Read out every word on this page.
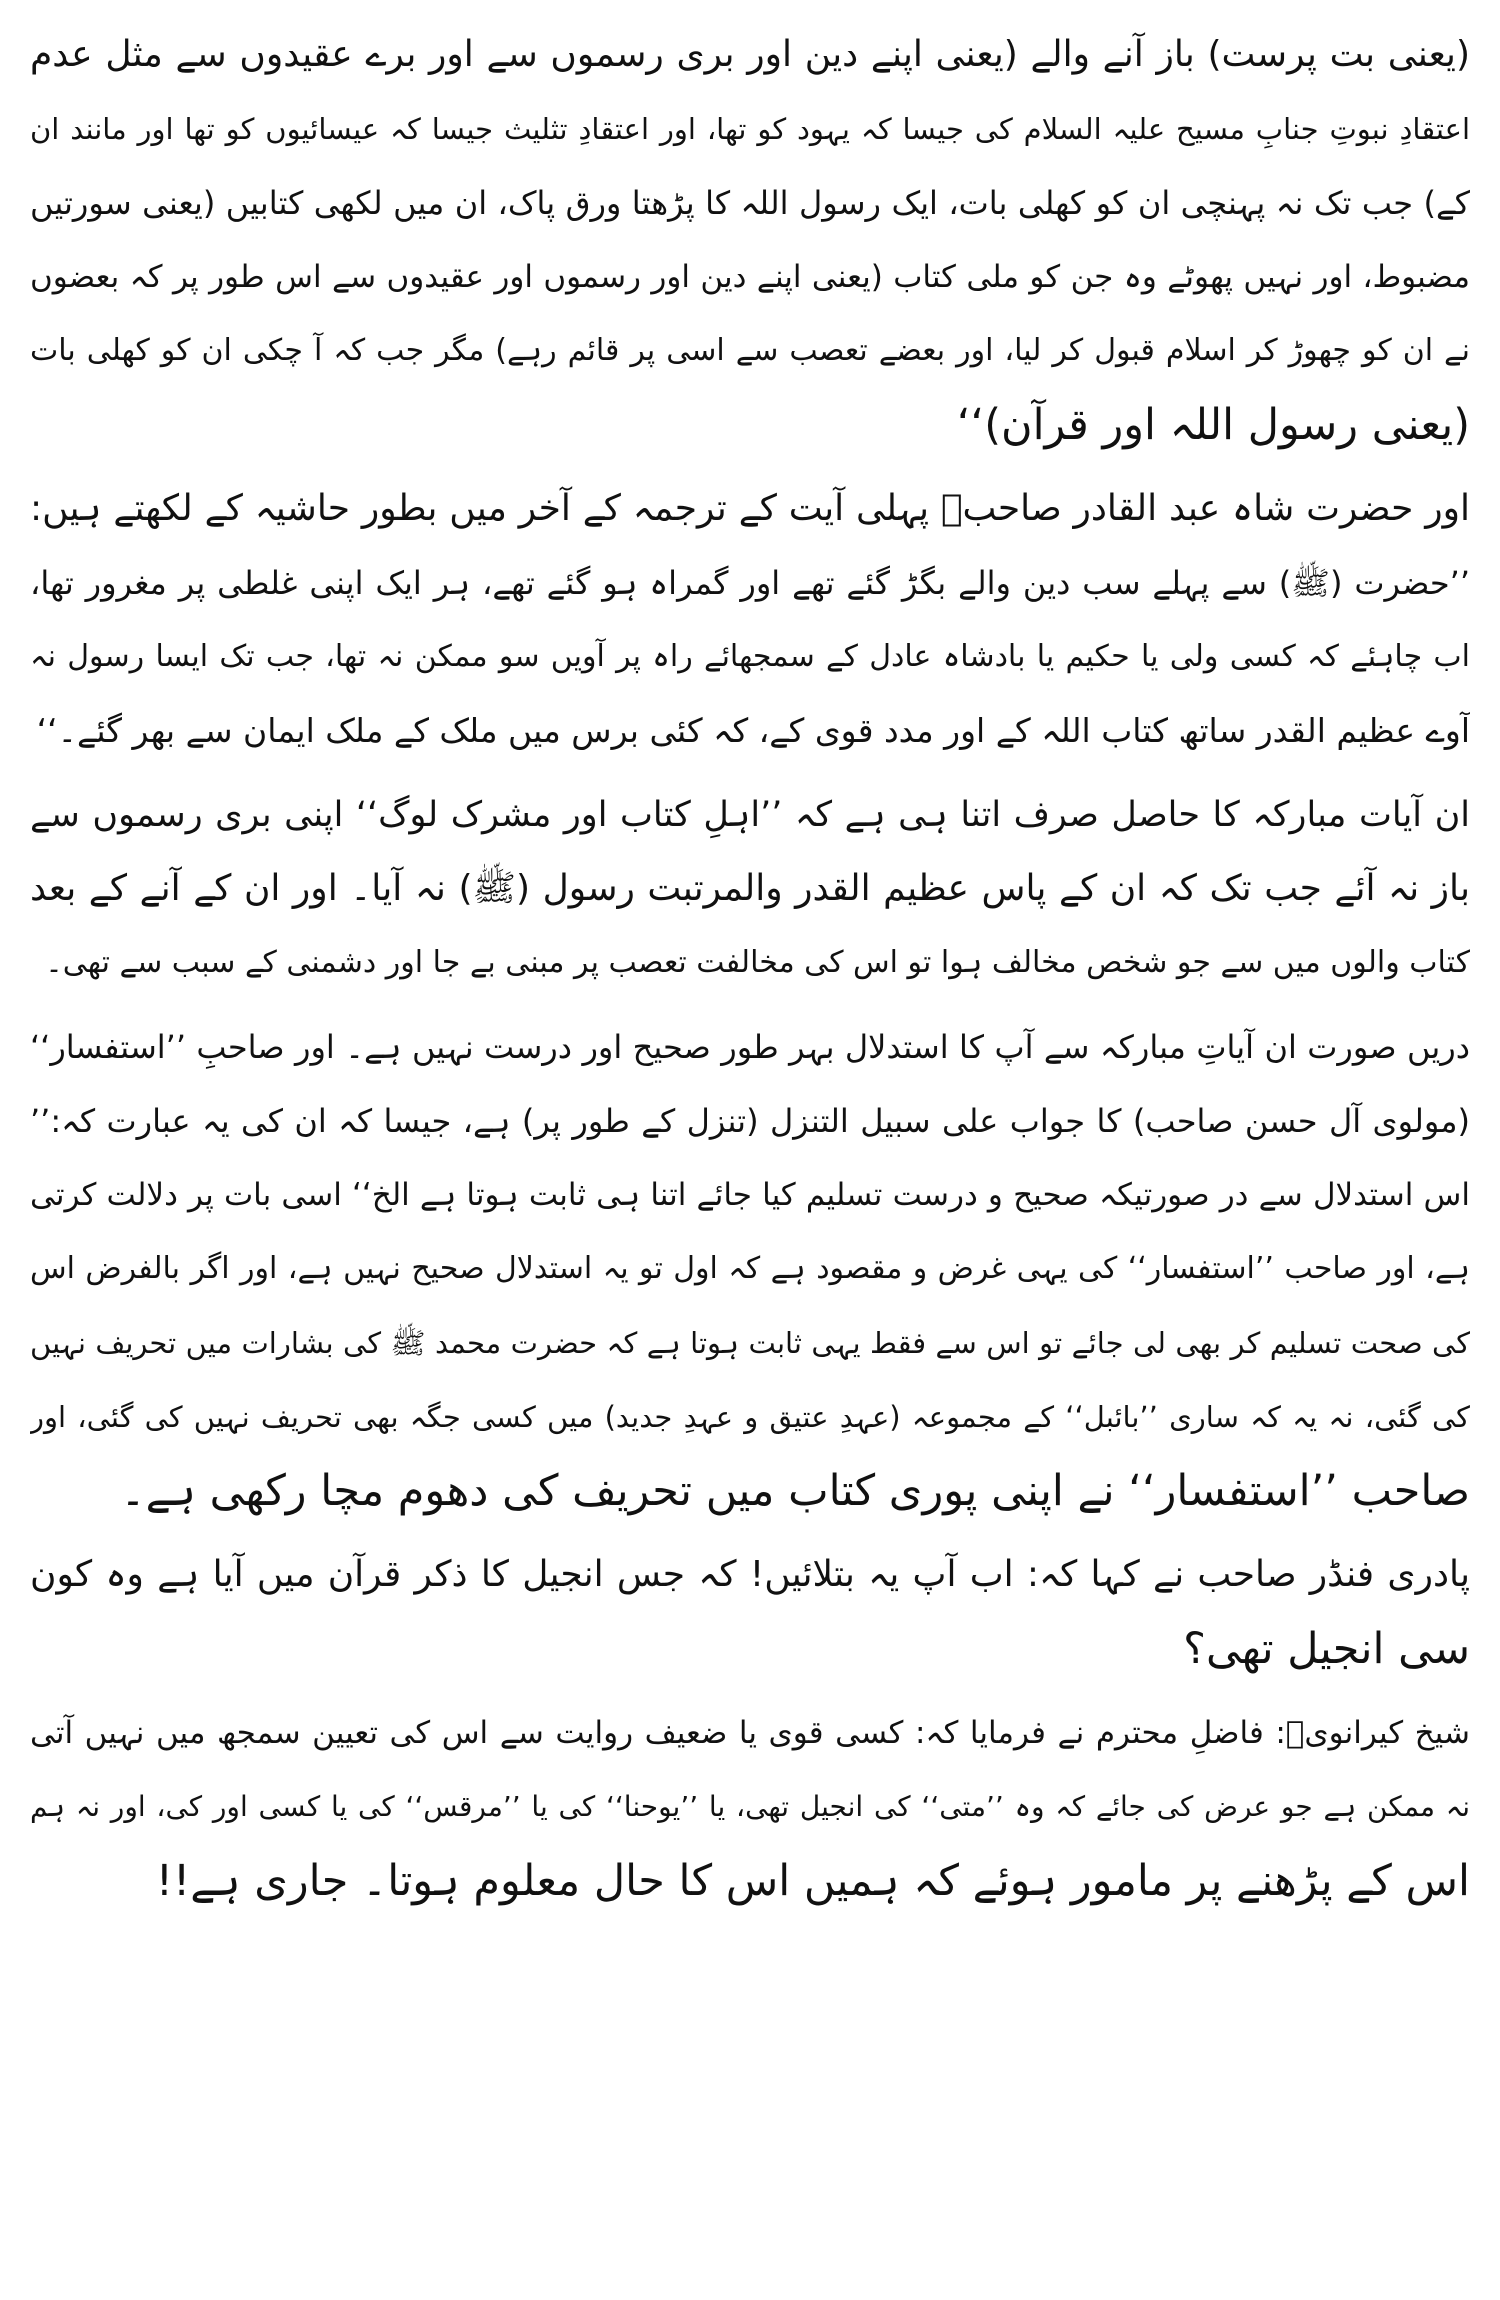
(یعنی بت پرست) باز آنے والے (یعنی اپنے دین اور بری رسموں سے اور برے عقیدوں سے مثل عدم
اعتقادِ نبوتِ جنابِ مسیح علیہ السلام کی جیسا کہ یہود کو تھا، اور اعتقادِ تثلیث جیسا کہ عیسائیوں کو تھا اور مانند ان
کے) جب تک نہ پہنچی ان کو کھلی بات، ایک رسول اللہ کا پڑھتا ورق پاک، ان میں لکھی کتابیں (یعنی سورتیں
مضبوط، اور نہیں پھوٹے وہ جن کو ملی کتاب (یعنی اپنے دین اور رسموں اور عقیدوں سے اس طور پر کہ بعضوں
نے ان کو چھوڑ کر اسلام قبول کر لیا، اور بعضے تعصب سے اسی پر قائم رہے) مگر جب کہ آ چکی ان کو کھلی بات
(یعنی رسول اللہ اور قرآن)‘‘
اور حضرت شاہ عبد القادر صاحبؒ پہلی آیت کے ترجمہ کے آخر میں بطور حاشیہ کے لکھتے ہیں:
’’حضرت (ﷺ) سے پہلے سب دین والے بگڑ گئے تھے اور گمراہ ہو گئے تھے، ہر ایک اپنی غلطی پر مغرور تھا،
اب چاہئے کہ کسی ولی یا حکیم یا بادشاہ عادل کے سمجھائے راہ پر آویں سو ممکن نہ تھا، جب تک ایسا رسول نہ
آوے عظیم القدر ساتھ کتاب اللہ کے اور مدد قوی کے، کہ کئی برس میں ملک کے ملک ایمان سے بھر گئے۔‘‘
ان آیات مبارکہ کا حاصل صرف اتنا ہی ہے کہ ’’اہلِ کتاب اور مشرک لوگ‘‘ اپنی بری رسموں سے
باز نہ آئے جب تک کہ ان کے پاس عظیم القدر والمرتبت رسول (ﷺ) نہ آیا۔ اور ان کے آنے کے بعد
کتاب والوں میں سے جو شخص مخالف ہوا تو اس کی مخالفت تعصب پر مبنی بے جا اور دشمنی کے سبب سے تھی۔
دریں صورت ان آیاتِ مبارکہ سے آپ کا استدلال بہر طور صحیح اور درست نہیں ہے۔ اور صاحبِ ’’استفسار‘‘
(مولوی آل حسن صاحب) کا جواب علی سبیل التنزل (تنزل کے طور پر) ہے، جیسا کہ ان کی یہ عبارت کہ:’’
اس استدلال سے در صورتیکہ صحیح و درست تسلیم کیا جائے اتنا ہی ثابت ہوتا ہے الخ‘‘ اسی بات پر دلالت کرتی
ہے، اور صاحب ’’استفسار‘‘ کی یہی غرض و مقصود ہے کہ اول تو یہ استدلال صحیح نہیں ہے، اور اگر بالفرض اس
کی صحت تسلیم کر بھی لی جائے تو اس سے فقط یہی ثابت ہوتا ہے کہ حضرت محمد ﷺ کی بشارات میں تحریف نہیں
کی گئی، نہ یہ کہ ساری ’’بائبل‘‘ کے مجموعہ (عہدِ عتیق و عہدِ جدید) میں کسی جگہ بھی تحریف نہیں کی گئی، اور
صاحب ’’استفسار‘‘ نے اپنی پوری کتاب میں تحریف کی دھوم مچا رکھی ہے۔
پادری فنڈر صاحب نے کہا کہ: اب آپ یہ بتلائیں! کہ جس انجیل کا ذکر قرآن میں آیا ہے وہ کون
سی انجیل تھی؟
شیخ کیرانویؒ: فاضلِ محترم نے فرمایا کہ: کسی قوی یا ضعیف روایت سے اس کی تعیین سمجھ میں نہیں آتی
نہ ممکن ہے جو عرض کی جائے کہ وہ ’’متی‘‘ کی انجیل تھی، یا ’’یوحنا‘‘ کی یا ’’مرقس‘‘ کی یا کسی اور کی، اور نہ ہم
اس کے پڑھنے پر مامور ہوئے کہ ہمیں اس کا حال معلوم ہوتا۔ جاری ہے!!
